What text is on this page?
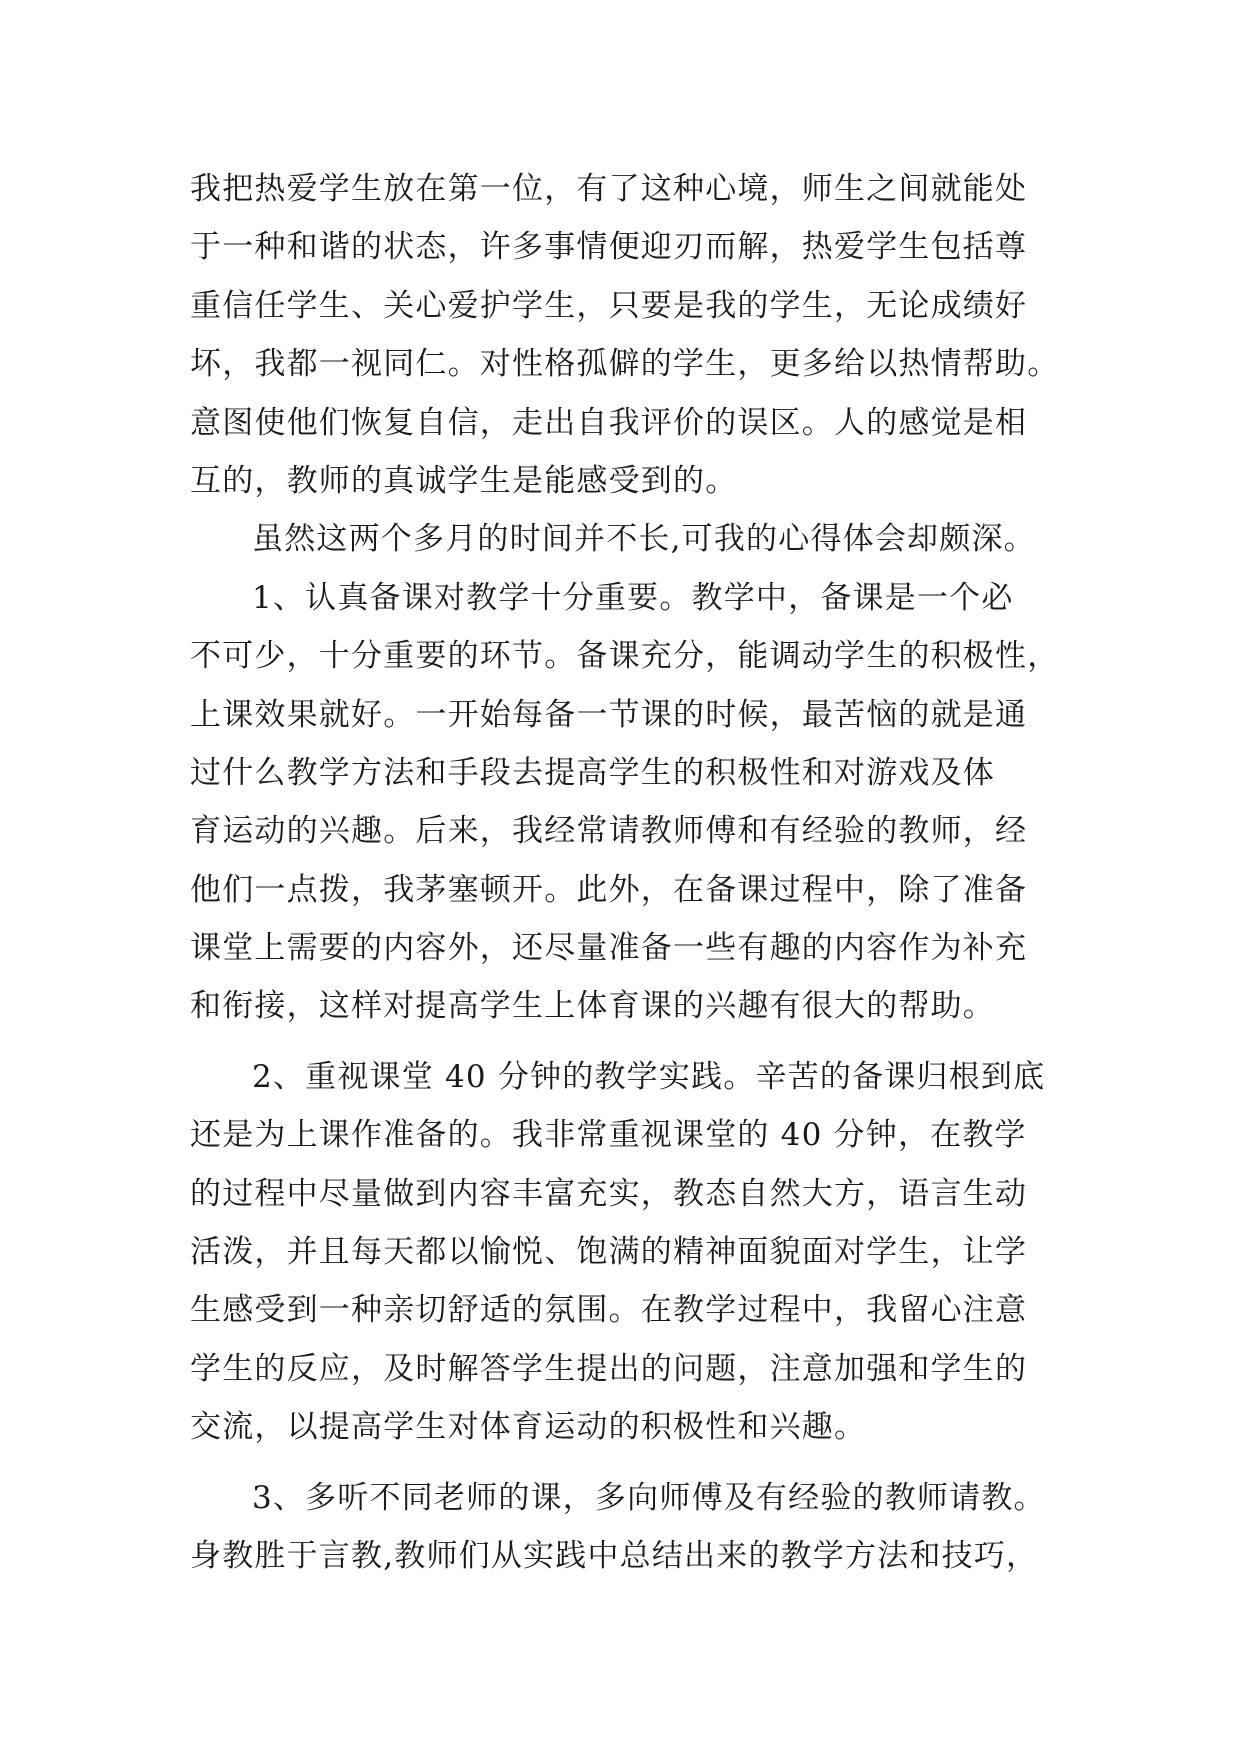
我把热爱学生放在第一位，有了这种心境，师生之间就能处
于一种和谐的状态，许多事情便迎刃而解，热爱学生包括尊
重信任学生、关心爱护学生，只要是我的学生，无论成绩好
坏，我都一视同仁。对性格孤僻的学生，更多给以热情帮助。
意图使他们恢复自信，走出自我评价的误区。人的感觉是相
互的，教师的真诚学生是能感受到的。
虽然这两个多月的时间并不长,可我的心得体会却颇深。
1、认真备课对教学十分重要。教学中，备课是一个必
不可少，十分重要的环节。备课充分，能调动学生的积极性，
上课效果就好。一开始每备一节课的时候，最苦恼的就是通
过什么教学方法和手段去提高学生的积极性和对游戏及体
育运动的兴趣。后来，我经常请教师傅和有经验的教师，经
他们一点拨，我茅塞顿开。此外，在备课过程中，除了准备
课堂上需要的内容外，还尽量准备一些有趣的内容作为补充
和衔接，这样对提高学生上体育课的兴趣有很大的帮助。
2、重视课堂 40 分钟的教学实践。辛苦的备课归根到底
还是为上课作准备的。我非常重视课堂的 40 分钟，在教学
的过程中尽量做到内容丰富充实，教态自然大方，语言生动
活泼，并且每天都以愉悦、饱满的精神面貌面对学生，让学
生感受到一种亲切舒适的氛围。在教学过程中，我留心注意
学生的反应，及时解答学生提出的问题，注意加强和学生的
交流，以提高学生对体育运动的积极性和兴趣。
3、多听不同老师的课，多向师傅及有经验的教师请教。
身教胜于言教,教师们从实践中总结出来的教学方法和技巧，
